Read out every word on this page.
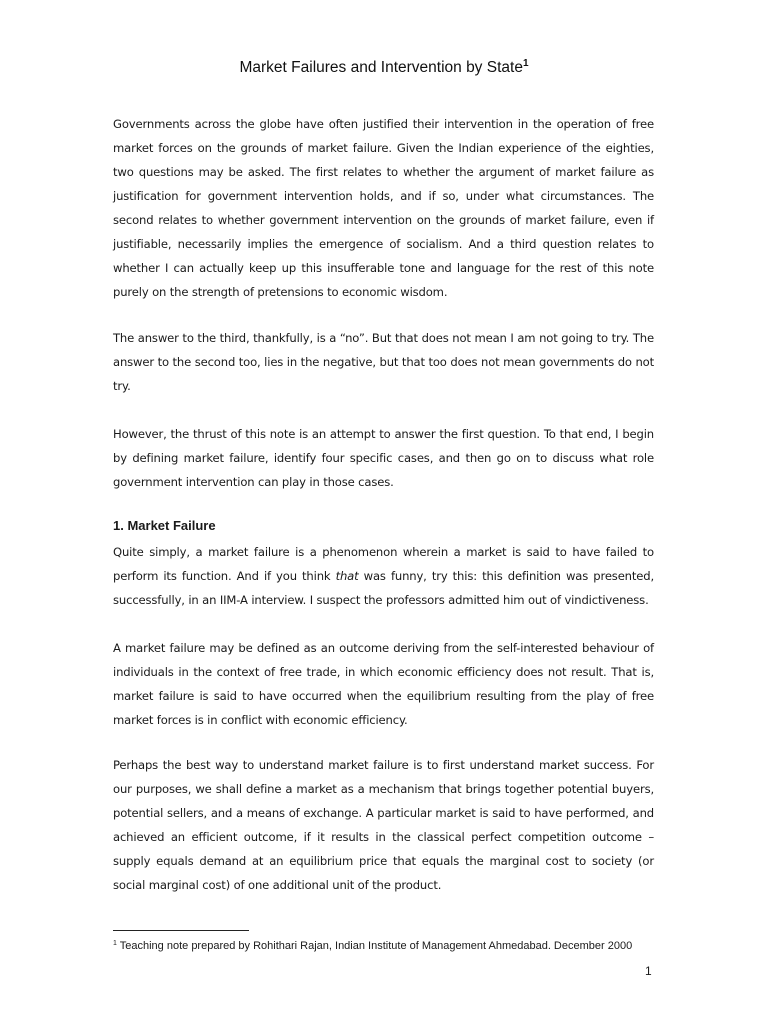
Market Failures and Intervention by State$^1$

Governments across the globe have often justified their intervention in the operation of free market forces on the grounds of market failure. Given the Indian experience of the eighties, two questions may be asked. The first relates to whether the argument of market failure as justification for government intervention holds, and if so, under what circumstances. The second relates to whether government intervention on the grounds of market failure, even if justifiable, necessarily implies the emergence of socialism. And a third question relates to whether I can actually keep up this insufferable tone and language for the rest of this note purely on the strength of pretensions to economic wisdom.

The answer to the third, thankfully, is a “no”. But that does not mean I am not going to try. The answer to the second too, lies in the negative, but that too does not mean governments do not try.

However, the thrust of this note is an attempt to answer the first question. To that end, I begin by defining market failure, identify four specific cases, and then go on to discuss what role government intervention can play in those cases.

1. Market Failure

Quite simply, a market failure is a phenomenon wherein a market is said to have failed to perform its function. And if you think that was funny, try this: this definition was presented, successfully, in an IIM-A interview. I suspect the professors admitted him out of vindictiveness.

A market failure may be defined as an outcome deriving from the self-interested behaviour of individuals in the context of free trade, in which economic efficiency does not result. That is, market failure is said to have occurred when the equilibrium resulting from the play of free market forces is in conflict with economic efficiency.

Perhaps the best way to understand market failure is to first understand market success. For our purposes, we shall define a market as a mechanism that brings together potential buyers, potential sellers, and a means of exchange. A particular market is said to have performed, and achieved an efficient outcome, if it results in the classical perfect competition outcome – supply equals demand at an equilibrium price that equals the marginal cost to society (or social marginal cost) of one additional unit of the product.

$^1$ Teaching note prepared by Rohithari Rajan, Indian Institute of Management Ahmedabad. December 2000
1
